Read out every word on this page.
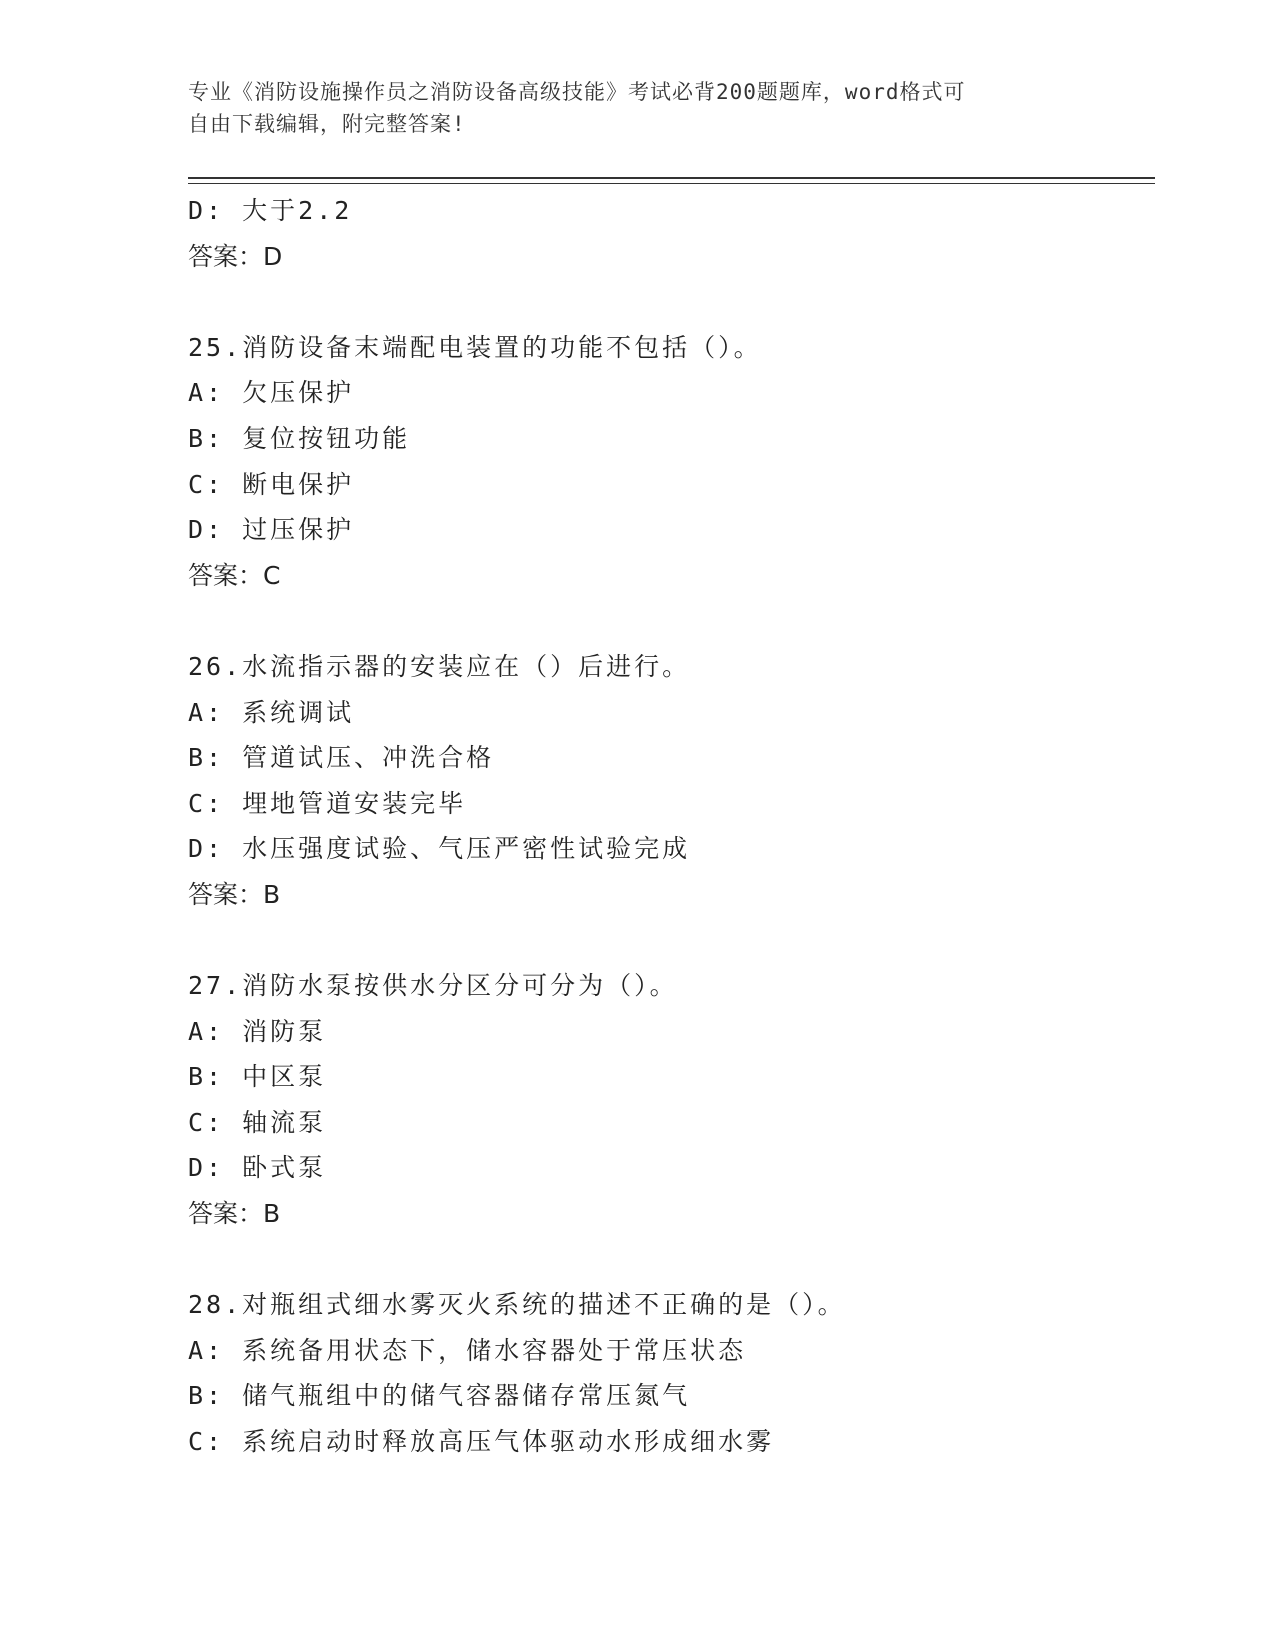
专业《消防设施操作员之消防设备高级技能》考试必背200题题库，word格式可
自由下载编辑，附完整答案!
D: 大于2.2
答案：D
25.消防设备末端配电装置的功能不包括（）。
A: 欠压保护
B: 复位按钮功能
C: 断电保护
D: 过压保护
答案：C
26.水流指示器的安装应在（）后进行。
A: 系统调试
B: 管道试压、冲洗合格
C: 埋地管道安装完毕
D: 水压强度试验、气压严密性试验完成
答案：B
27.消防水泵按供水分区分可分为（）。
A: 消防泵
B: 中区泵
C: 轴流泵
D: 卧式泵
答案：B
28.对瓶组式细水雾灭火系统的描述不正确的是（）。
A: 系统备用状态下，储水容器处于常压状态
B: 储气瓶组中的储气容器储存常压氮气
C: 系统启动时释放高压气体驱动水形成细水雾
